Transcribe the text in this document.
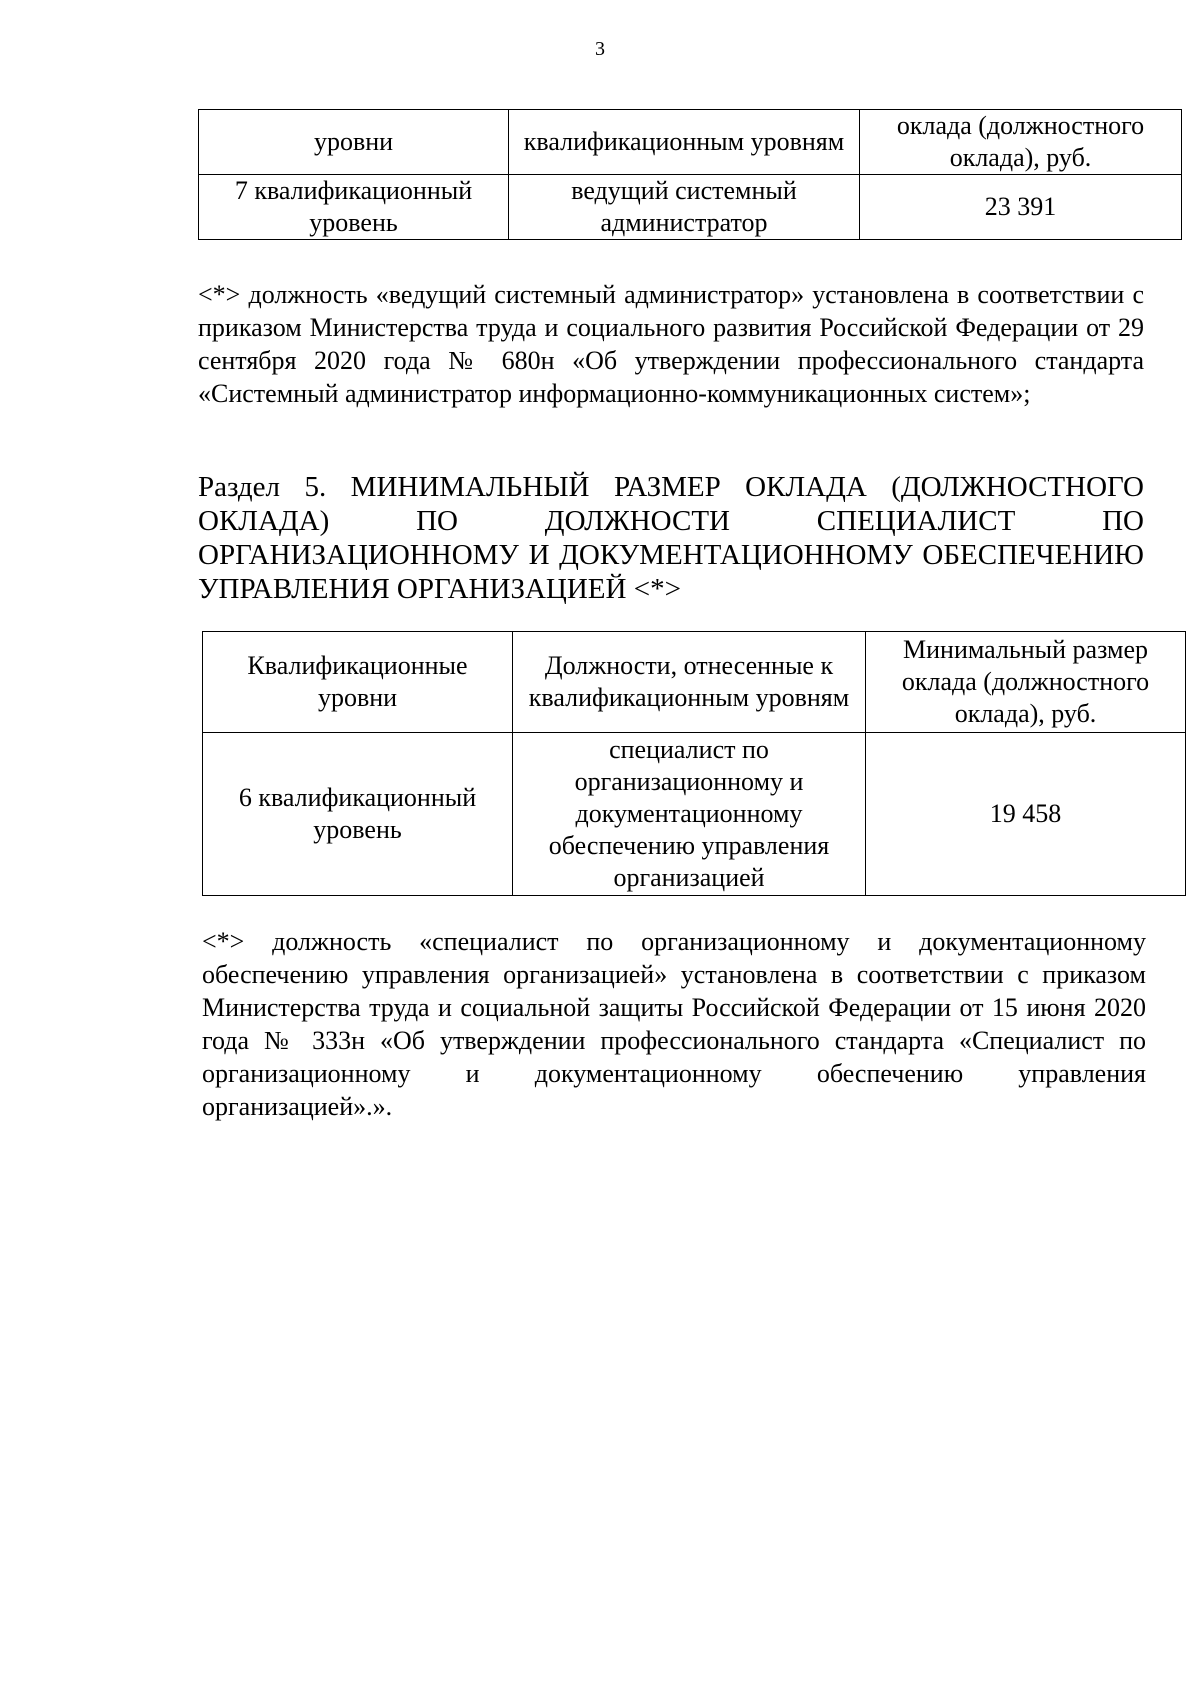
3
уровни	квалификационным уровням	оклада (должностного оклада), руб.
7 квалификационный уровень	ведущий системный администратор	23 391
<*> должность «ведущий системный администратор» установлена в соответствии с приказом Министерства труда и социального развития Российской Федерации от 29 сентября 2020 года № 680н «Об утверждении профессионального стандарта «Системный администратор информационно-коммуникационных систем»;
Раздел 5. МИНИМАЛЬНЫЙ РАЗМЕР ОКЛАДА (ДОЛЖНОСТНОГО ОКЛАДА) ПО ДОЛЖНОСТИ СПЕЦИАЛИСТ ПО ОРГАНИЗАЦИОННОМУ И ДОКУМЕНТАЦИОННОМУ ОБЕСПЕЧЕНИЮ УПРАВЛЕНИЯ ОРГАНИЗАЦИЕЙ <*>
Квалификационные уровни	Должности, отнесенные к квалификационным уровням	Минимальный размер оклада (должностного оклада), руб.
6 квалификационный уровень	специалист по организационному и документационному обеспечению управления организацией	19 458
<*> должность «специалист по организационному и документационному обеспечению управления организацией» установлена в соответствии с приказом Министерства труда и социальной защиты Российской Федерации от 15 июня 2020 года № 333н «Об утверждении профессионального стандарта «Специалист по организационному и документационному обеспечению управления организацией».».
